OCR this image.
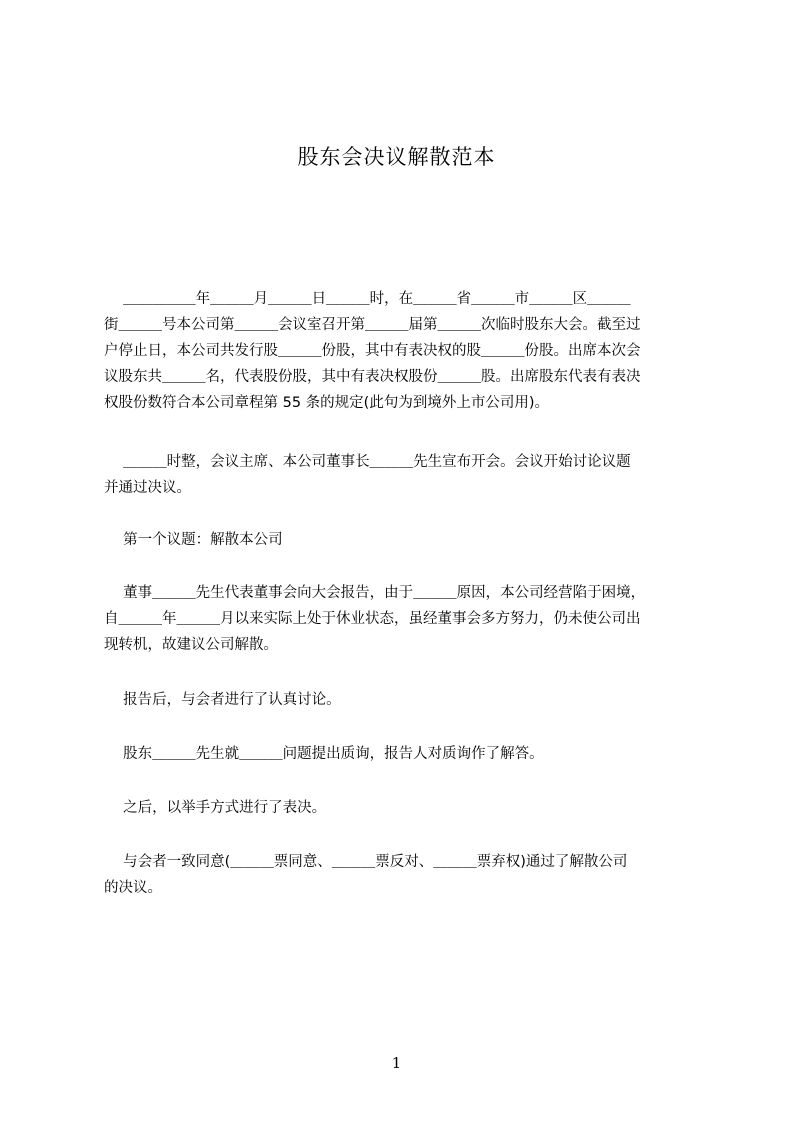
股东会决议解散范本
　 ＿＿＿＿＿年＿＿＿月＿＿＿日＿＿＿时，在＿＿＿省＿＿＿市＿＿＿区＿＿＿
街＿＿＿号本公司第＿＿＿会议室召开第＿＿＿届第＿＿＿次临时股东大会。截至过
户停止日，本公司共发行股＿＿＿份股，其中有表决权的股＿＿＿份股。出席本次会
议股东共＿＿＿名，代表股份股，其中有表决权股份＿＿＿股。出席股东代表有表决
权股份数符合本公司章程第 55 条的规定(此句为到境外上市公司用)。
　 ＿＿＿时整，会议主席、本公司董事长＿＿＿先生宣布开会。会议开始讨论议题
并通过决议。
　 第一个议题：解散本公司
　 董事＿＿＿先生代表董事会向大会报告，由于＿＿＿原因，本公司经营陷于困境，
自＿＿＿年＿＿＿月以来实际上处于休业状态，虽经董事会多方努力，仍未使公司出
现转机，故建议公司解散。
　 报告后，与会者进行了认真讨论。
　 股东＿＿＿先生就＿＿＿问题提出质询，报告人对质询作了解答。
　 之后，以举手方式进行了表决。
　 与会者一致同意(＿＿＿票同意、＿＿＿票反对、＿＿＿票弃权)通过了解散公司
的决议。
1
